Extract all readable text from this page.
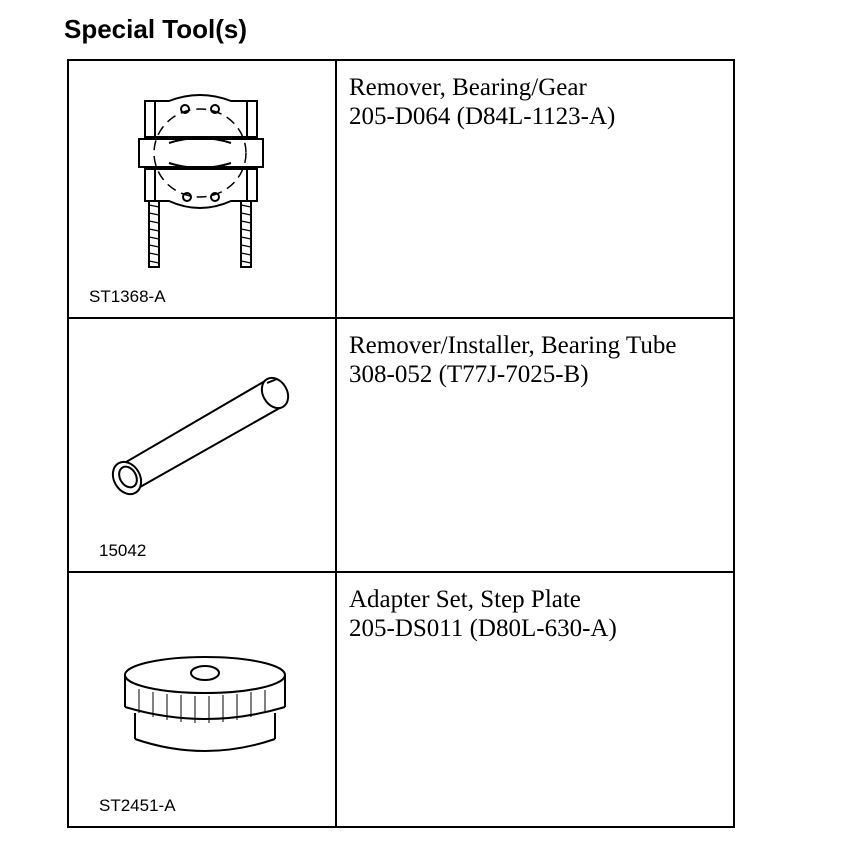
Special Tool(s)
ST1368-A	Remover, Bearing/Gear
205-D064 (D84L-1123-A)

15042	Remover/Installer, Bearing Tube
308-052 (T77J-7025-B)

ST2451-A	Adapter Set, Step Plate
205-DS011 (D80L-630-A)
